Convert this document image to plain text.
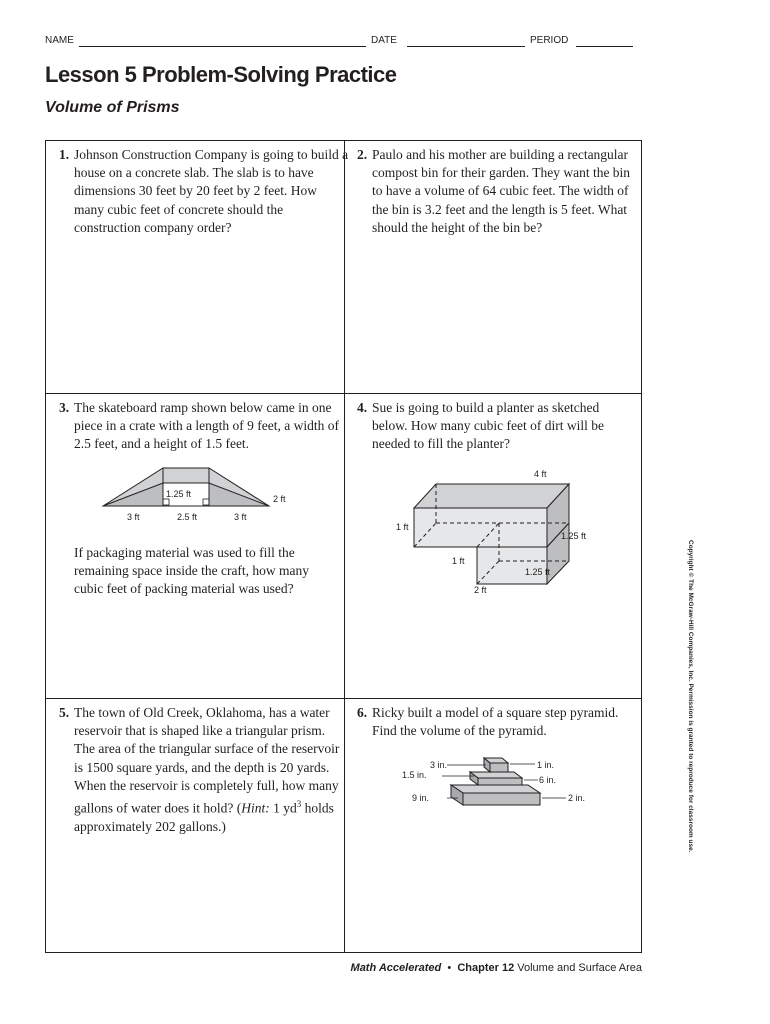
NAME	DATE	PERIOD
Lesson 5 Problem-Solving Practice
Volume of Prisms
1. Johnson Construction Company is going to build a house on a concrete slab. The slab is to have dimensions 30 feet by 20 feet by 2 feet. How many cubic feet of concrete should the construction company order?
2. Paulo and his mother are building a rectangular compost bin for their garden. They want the bin to have a volume of 64 cubic feet. The width of the bin is 3.2 feet and the length is 5 feet. What should the height of the bin be?
3. The skateboard ramp shown below came in one piece in a crate with a length of 9 feet, a width of 2.5 feet, and a height of 1.5 feet.
1.25 ft	2 ft
3 ft	2.5 ft	3 ft
If packaging material was used to fill the remaining space inside the craft, how many cubic feet of packing material was used?
4. Sue is going to build a planter as sketched below. How many cubic feet of dirt will be needed to fill the planter?
4 ft
1 ft
1.25 ft
1 ft
1.25 ft
2 ft
5. The town of Old Creek, Oklahoma, has a water reservoir that is shaped like a triangular prism. The area of the triangular surface of the reservoir is 1500 square yards, and the depth is 20 yards. When the reservoir is completely full, how many gallons of water does it hold? (Hint: 1 $yd^3$ holds approximately 202 gallons.)
6. Ricky built a model of a square step pyramid. Find the volume of the pyramid.
3 in.
1.5 in.
9 in.
1 in.
6 in.
2 in.	Copyright © The McGraw-Hill Companies, Inc. Permission is granted to reproduce for classroom use.
Math Accelerated • Chapter 12 Volume and Surface Area
